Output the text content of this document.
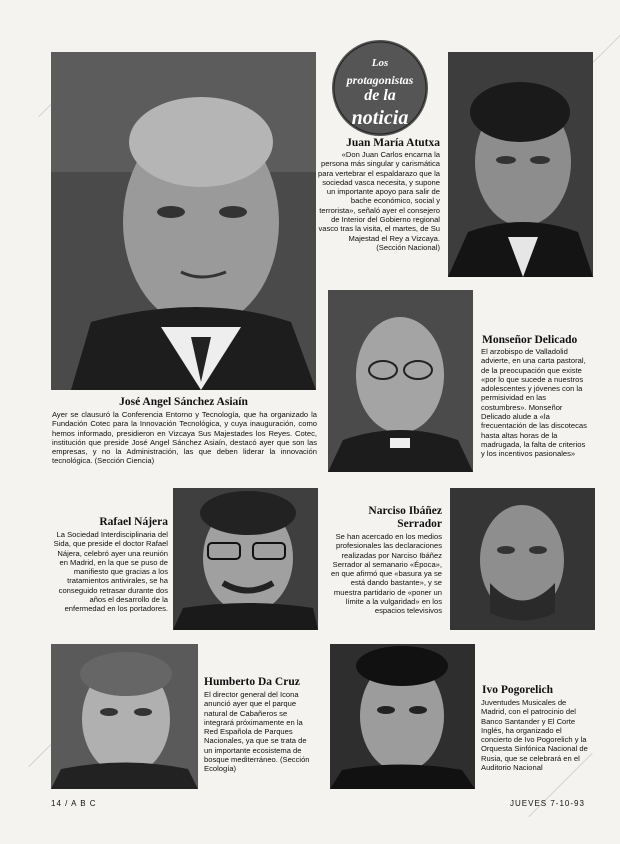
Los
protagonistas
de la
noticia
Juan María Atutxa
«Don Juan Carlos encarna la persona más singular y carismática para vertebrar el espaldarazo que la sociedad vasca necesita, y supone un importante apoyo para salir de bache económico, social y terrorista», señaló ayer el consejero de Interior del Gobierno regional vasco tras la visita, el martes, de Su Majestad el Rey a Vizcaya. (Sección Nacional)
José Angel Sánchez Asiaín
Ayer se clausuró la Conferencia Entorno y Tecnología, que ha organizado la Fundación Cotec para la Innovación Tecnológica, y cuya inauguración, como hemos informado, presidieron en Vizcaya Sus Majestades los Reyes. Cotec, institución que preside José Angel Sánchez Asiaín, destacó ayer que son las empresas, y no la Administración, las que deben liderar la innovación tecnológica. (Sección Ciencia)
Monseñor Delicado
El arzobispo de Valladolid advierte, en una carta pastoral, de la preocupación que existe «por lo que sucede a nuestros adolescentes y jóvenes con la permisividad en las costumbres». Monseñor Delicado alude a «la frecuentación de las discotecas hasta altas horas de la madrugada, la falta de criterios y los incentivos pasionales»
Rafael Nájera
La Sociedad Interdisciplinaria del Sida, que preside el doctor Rafael Nájera, celebró ayer una reunión en Madrid, en la que se puso de manifiesto que gracias a los tratamientos antivirales, se ha conseguido retrasar durante dos años el desarrollo de la enfermedad en los portadores.
Narciso Ibáñez Serrador
Se han acercado en los medios profesionales las declaraciones realizadas por Narciso Ibáñez Serrador al semanario «Época», en que afirmó que «basura ya se está dando bastante», y se muestra partidario de «poner un límite a la vulgaridad» en los espacios televisivos
Humberto Da Cruz
El director general del Icona anunció ayer que el parque natural de Cabañeros se integrará próximamente en la Red Española de Parques Nacionales, ya que se trata de un importante ecosistema de bosque mediterráneo. (Sección Ecología)
Ivo Pogorelich
Juventudes Musicales de Madrid, con el patrocinio del Banco Santander y El Corte Inglés, ha organizado el concierto de Ivo Pogorelich y la Orquesta Sinfónica Nacional de Rusia, que se celebrará en el Auditorio Nacional
14 / A B C	JUEVES 7-10-93
